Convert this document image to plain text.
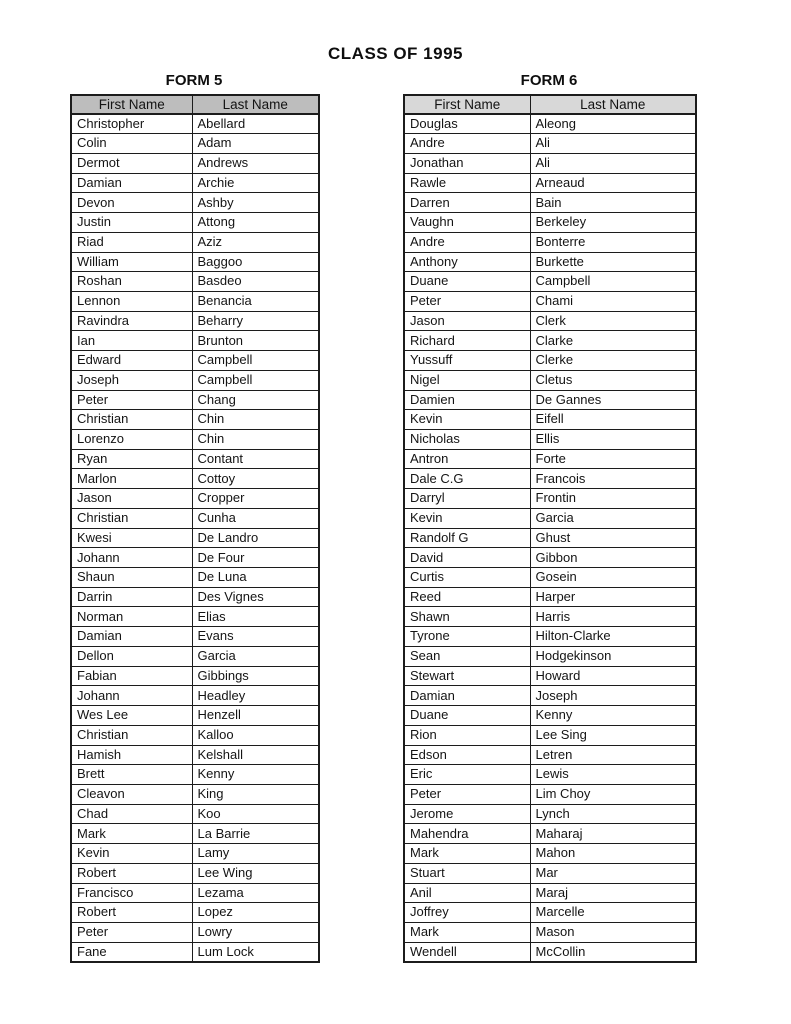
CLASS OF 1995
FORM 5
First Name	Last Name
Christopher	Abellard
Colin	Adam
Dermot	Andrews
Damian	Archie
Devon	Ashby
Justin	Attong
Riad	Aziz
William	Baggoo
Roshan	Basdeo
Lennon	Benancia
Ravindra	Beharry
Ian	Brunton
Edward	Campbell
Joseph	Campbell
Peter	Chang
Christian	Chin
Lorenzo	Chin
Ryan	Contant
Marlon	Cottoy
Jason	Cropper
Christian	Cunha
Kwesi	De Landro
Johann	De Four
Shaun	De Luna
Darrin	Des Vignes
Norman	Elias
Damian	Evans
Dellon	Garcia
Fabian	Gibbings
Johann	Headley
Wes Lee	Henzell
Christian	Kalloo
Hamish	Kelshall
Brett	Kenny
Cleavon	King
Chad	Koo
Mark	La Barrie
Kevin	Lamy
Robert	Lee Wing
Francisco	Lezama
Robert	Lopez
Peter	Lowry
Fane	Lum Lock
FORM 6
First Name	Last Name
Douglas	Aleong
Andre	Ali
Jonathan	Ali
Rawle	Arneaud
Darren	Bain
Vaughn	Berkeley
Andre	Bonterre
Anthony	Burkette
Duane	Campbell
Peter	Chami
Jason	Clerk
Richard	Clarke
Yussuff	Clerke
Nigel	Cletus
Damien	De Gannes
Kevin	Eifell
Nicholas	Ellis
Antron	Forte
Dale C.G	Francois
Darryl	Frontin
Kevin	Garcia
Randolf G	Ghust
David	Gibbon
Curtis	Gosein
Reed	Harper
Shawn	Harris
Tyrone	Hilton-Clarke
Sean	Hodgekinson
Stewart	Howard
Damian	Joseph
Duane	Kenny
Rion	Lee Sing
Edson	Letren
Eric	Lewis
Peter	Lim Choy
Jerome	Lynch
Mahendra	Maharaj
Mark	Mahon
Stuart	Mar
Anil	Maraj
Joffrey	Marcelle
Mark	Mason
Wendell	McCollin
